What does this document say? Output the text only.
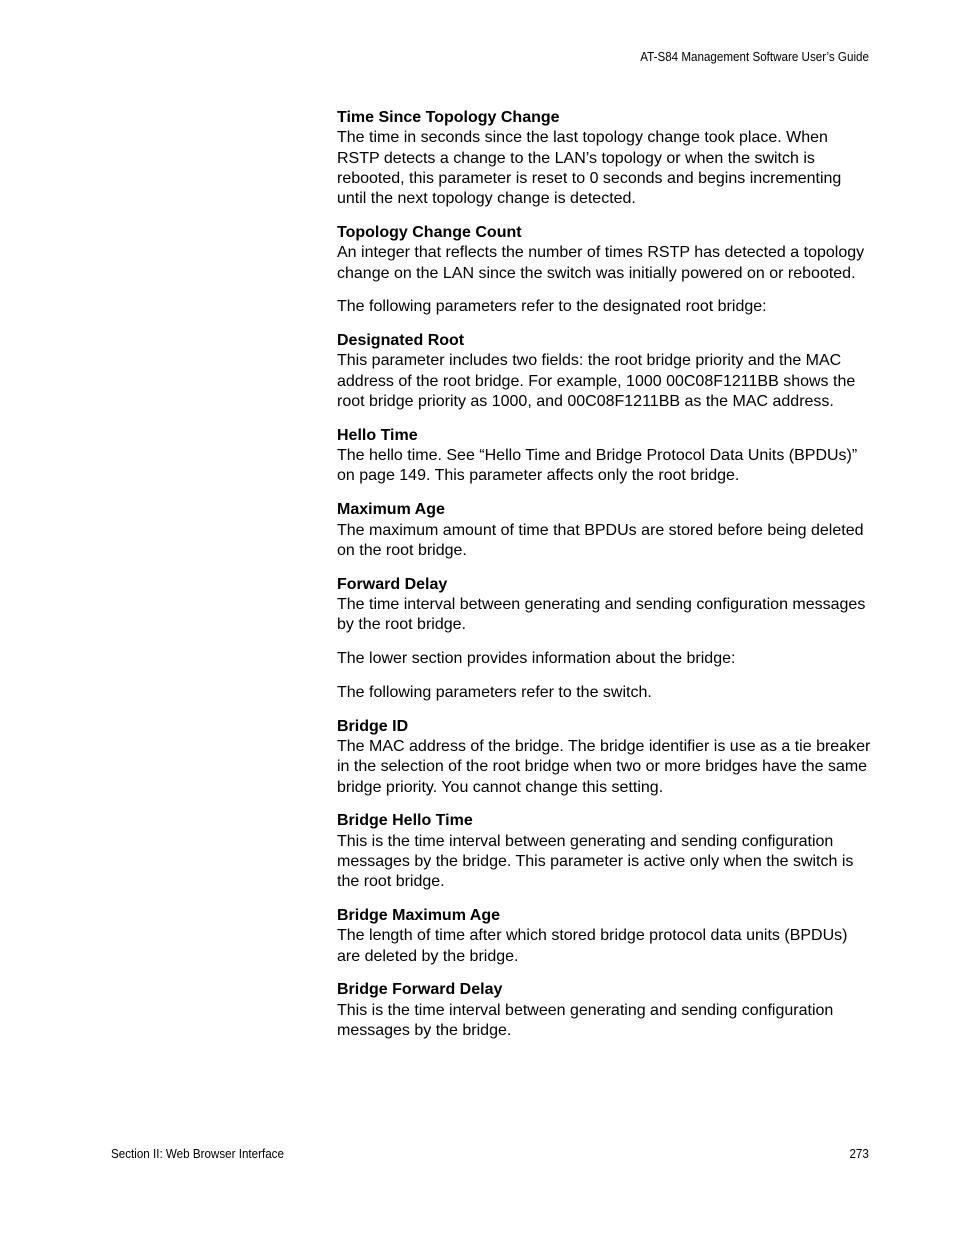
AT-S84 Management Software User’s Guide
Time Since Topology Change
The time in seconds since the last topology change took place. When RSTP detects a change to the LAN’s topology or when the switch is rebooted, this parameter is reset to 0 seconds and begins incrementing until the next topology change is detected.
Topology Change Count
An integer that reflects the number of times RSTP has detected a topology change on the LAN since the switch was initially powered on or rebooted.
The following parameters refer to the designated root bridge:
Designated Root
This parameter includes two fields: the root bridge priority and the MAC address of the root bridge. For example, 1000 00C08F1211BB shows the root bridge priority as 1000, and 00C08F1211BB as the MAC address.
Hello Time
The hello time. See “Hello Time and Bridge Protocol Data Units (BPDUs)” on page 149. This parameter affects only the root bridge.
Maximum Age
The maximum amount of time that BPDUs are stored before being deleted on the root bridge.
Forward Delay
The time interval between generating and sending configuration messages by the root bridge.
The lower section provides information about the bridge:
The following parameters refer to the switch.
Bridge ID
The MAC address of the bridge. The bridge identifier is use as a tie breaker in the selection of the root bridge when two or more bridges have the same bridge priority. You cannot change this setting.
Bridge Hello Time
This is the time interval between generating and sending configuration messages by the bridge. This parameter is active only when the switch is the root bridge.
Bridge Maximum Age
The length of time after which stored bridge protocol data units (BPDUs) are deleted by the bridge.
Bridge Forward Delay
This is the time interval between generating and sending configuration messages by the bridge.
Section II: Web Browser Interface	273
